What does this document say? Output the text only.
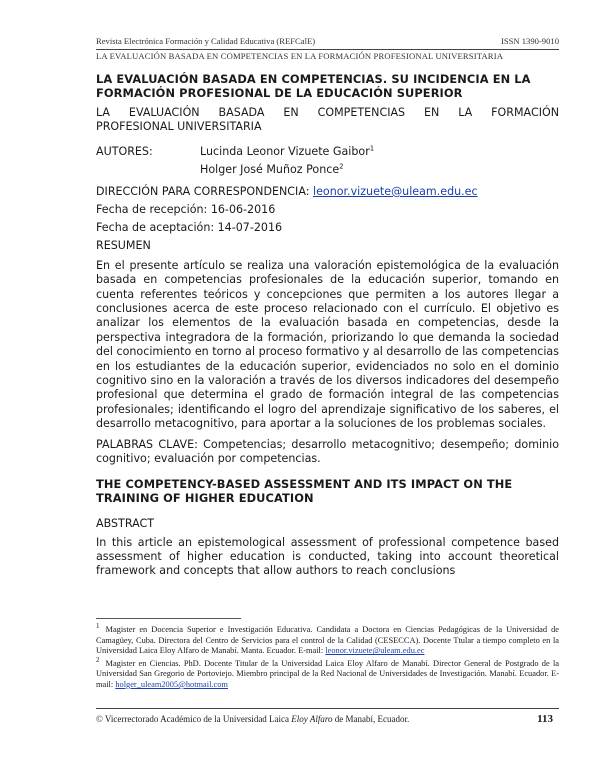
Revista Electrónica Formación y Calidad Educativa (REFCalE)	ISSN 1390-9010
LA EVALUACIÓN BASADA EN COMPETENCIAS EN LA FORMACIÓN PROFESIONAL UNIVERSITARIA
LA EVALUACIÓN BASADA EN COMPETENCIAS. SU INCIDENCIA EN LA FORMACIÓN PROFESIONAL DE LA EDUCACIÓN SUPERIOR
LA EVALUACIÓN BASADA EN COMPETENCIAS EN LA FORMACIÓN
PROFESIONAL UNIVERSITARIA
AUTORES:	Lucinda Leonor Vizuete Gaibor$^1$
Holger José Muñoz Ponce$^2$

DIRECCIÓN PARA CORRESPONDENCIA: leonor.vizuete@uleam.edu.ec

Fecha de recepción: 16-06-2016

Fecha de aceptación: 14-07-2016

RESUMEN

En el presente artículo se realiza una valoración epistemológica de la evaluación basada en competencias profesionales de la educación superior, tomando en cuenta referentes teóricos y concepciones que permiten a los autores llegar a conclusiones acerca de este proceso relacionado con el currículo. El objetivo es analizar los elementos de la evaluación basada en competencias, desde la perspectiva integradora de la formación, priorizando lo que demanda la sociedad del conocimiento en torno al proceso formativo y al desarrollo de las competencias en los estudiantes de la educación superior, evidenciados no solo en el dominio cognitivo sino en la valoración a través de los diversos indicadores del desempeño profesional que determina el grado de formación integral de las competencias profesionales; identificando el logro del aprendizaje significativo de los saberes, el desarrollo metacognitivo, para aportar a la soluciones de los problemas sociales.

PALABRAS CLAVE: Competencias; desarrollo metacognitivo; desempeño; dominio cognitivo; evaluación por competencias.

THE COMPETENCY-BASED ASSESSMENT AND ITS IMPACT ON THE TRAINING OF HIGHER EDUCATION

ABSTRACT

In this article an epistemological assessment of professional competence based assessment of higher education is conducted, taking into account theoretical framework and concepts that allow authors to reach conclusions

$^1$ Magister en Docencia Superior e Investigación Educativa. Candidata a Doctora en Ciencias Pedagógicas de la Universidad de Camagüey, Cuba. Directora del Centro de Servicios para el control de la Calidad (CESECCA). Docente Ttular a tiempo completo en la Universidad Laica Eloy Alfaro de Manabí. Manta. Ecuador. E-mail: leonor.vizuete@uleam.edu.ec

$^2$ Magister en Ciencias. PhD. Docente Titular de la Universidad Laica Eloy Alfaro de Manabí. Director General de Postgrado de la Universidad San Gregorio de Portoviejo. Miembro principal de la Red Nacional de Universidades de Investigación. Manabí. Ecuador. E-mail: holger_uleam2005@hotmail.com

© Vicerrectorado Académico de la Universidad Laica Eloy Alfaro de Manabí, Ecuador.	113
